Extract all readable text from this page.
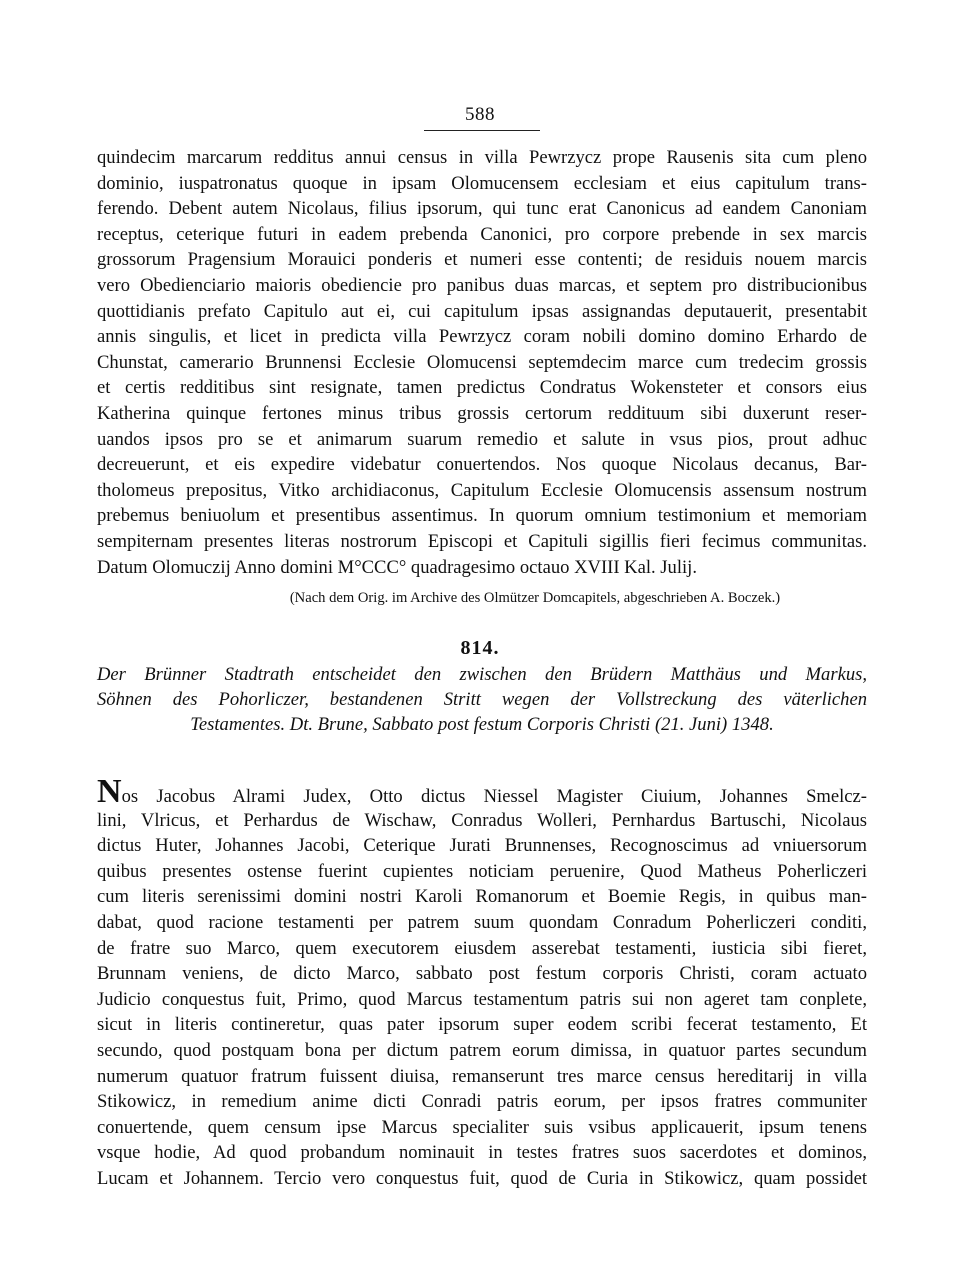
588
quindecim marcarum redditus annui census in villa Pewrzycz prope Rausenis sita cum pleno
dominio, iuspatronatus quoque in ipsam Olomucensem ecclesiam et eius capitulum trans-
ferendo. Debent autem Nicolaus, filius ipsorum, qui tunc erat Canonicus ad eandem Canoniam
receptus, ceterique futuri in eadem prebenda Canonici, pro corpore prebende in sex marcis
grossorum Pragensium Morauici ponderis et numeri esse contenti; de residuis nouem marcis
vero Obedienciario maioris obediencie pro panibus duas marcas, et septem pro distribucionibus
quottidianis prefato Capitulo aut ei, cui capitulum ipsas assignandas deputauerit, presentabit
annis singulis, et licet in predicta villa Pewrzycz coram nobili domino domino Erhardo de
Chunstat, camerario Brunnensi Ecclesie Olomucensi septemdecim marce cum tredecim grossis
et certis redditibus sint resignate, tamen predictus Condratus Wokensteter et consors eius
Katherina quinque fertones minus tribus grossis certorum reddituum sibi duxerunt reser-
uandos ipsos pro se et animarum suarum remedio et salute in vsus pios, prout adhuc
decreuerunt, et eis expedire videbatur conuertendos. Nos quoque Nicolaus decanus, Bar-
tholomeus prepositus, Vitko archidiaconus, Capitulum Ecclesie Olomucensis assensum nostrum
prebemus beniuolum et presentibus assentimus. In quorum omnium testimonium et memoriam
sempiternam presentes literas nostrorum Episcopi et Capituli sigillis fieri fecimus communitas.
Datum Olomuczij Anno domini M°CCC° quadragesimo octauo XVIII Kal. Julij.
(Nach dem Orig. im Archive des Olmützer Domcapitels, abgeschrieben A. Boczek.)
814.
Der Brünner Stadtrath entscheidet den zwischen den Brüdern Matthäus und Markus,
Söhnen des Pohorliczer, bestandenen Stritt wegen der Vollstreckung des väterlichen
Testamentes. Dt. Brune, Sabbato post festum Corporis Christi (21. Juni) 1348.
Nos Jacobus Alrami Judex, Otto dictus Niessel Magister Ciuium, Johannes Smelcz-
lini, Vlricus, et Perhardus de Wischaw, Conradus Wolleri, Pernhardus Bartuschi, Nicolaus
dictus Huter, Johannes Jacobi, Ceterique Jurati Brunnenses, Recognoscimus ad vniuersorum
quibus presentes ostense fuerint cupientes noticiam peruenire, Quod Matheus Poherliczeri
cum literis serenissimi domini nostri Karoli Romanorum et Boemie Regis, in quibus man-
dabat, quod racione testamenti per patrem suum quondam Conradum Poherliczeri conditi,
de fratre suo Marco, quem executorem eiusdem asserebat testamenti, iusticia sibi fieret,
Brunnam veniens, de dicto Marco, sabbato post festum corporis Christi, coram actuato
Judicio conquestus fuit, Primo, quod Marcus testamentum patris sui non ageret tam conplete,
sicut in literis contineretur, quas pater ipsorum super eodem scribi fecerat testamento, Et
secundo, quod postquam bona per dictum patrem eorum dimissa, in quatuor partes secundum
numerum quatuor fratrum fuissent diuisa, remanserunt tres marce census hereditarij in villa
Stikowicz, in remedium anime dicti Conradi patris eorum, per ipsos fratres communiter
conuertende, quem censum ipse Marcus specialiter suis vsibus applicauerit, ipsum tenens
vsque hodie, Ad quod probandum nominauit in testes fratres suos sacerdotes et dominos,
Lucam et Johannem. Tercio vero conquestus fuit, quod de Curia in Stikowicz, quam possidet
